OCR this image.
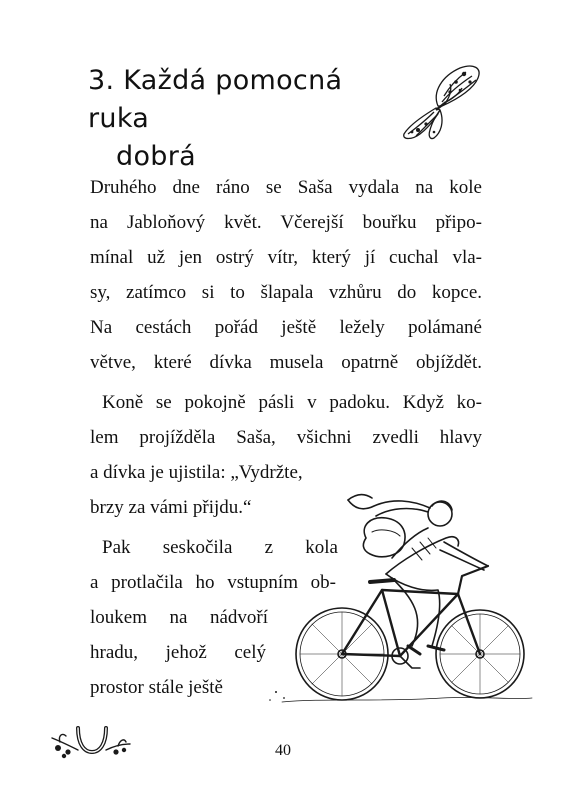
3. Každá pomocná ruka
dobrá
Druhého dne ráno se Saša vydala na kole
na Jabloňový květ. Včerejší bouřku připo-
mínal už jen ostrý vítr, který jí cuchal vla-
sy, zatímco si to šlapala vzhůru do kopce.
Na cestách pořád ještě ležely polámané
větve, které dívka musela opatrně objíždět.
Koně se pokojně pásli v padoku. Když ko-
lem projížděla Saša, všichni zvedli hlavy
a dívka je ujistila: „Vydržte,
brzy za vámi přijdu.“
Pak seskočila z kola
a protlačila ho vstupním ob-
loukem na nádvoří
hradu, jehož celý
prostor stále ještě
40
